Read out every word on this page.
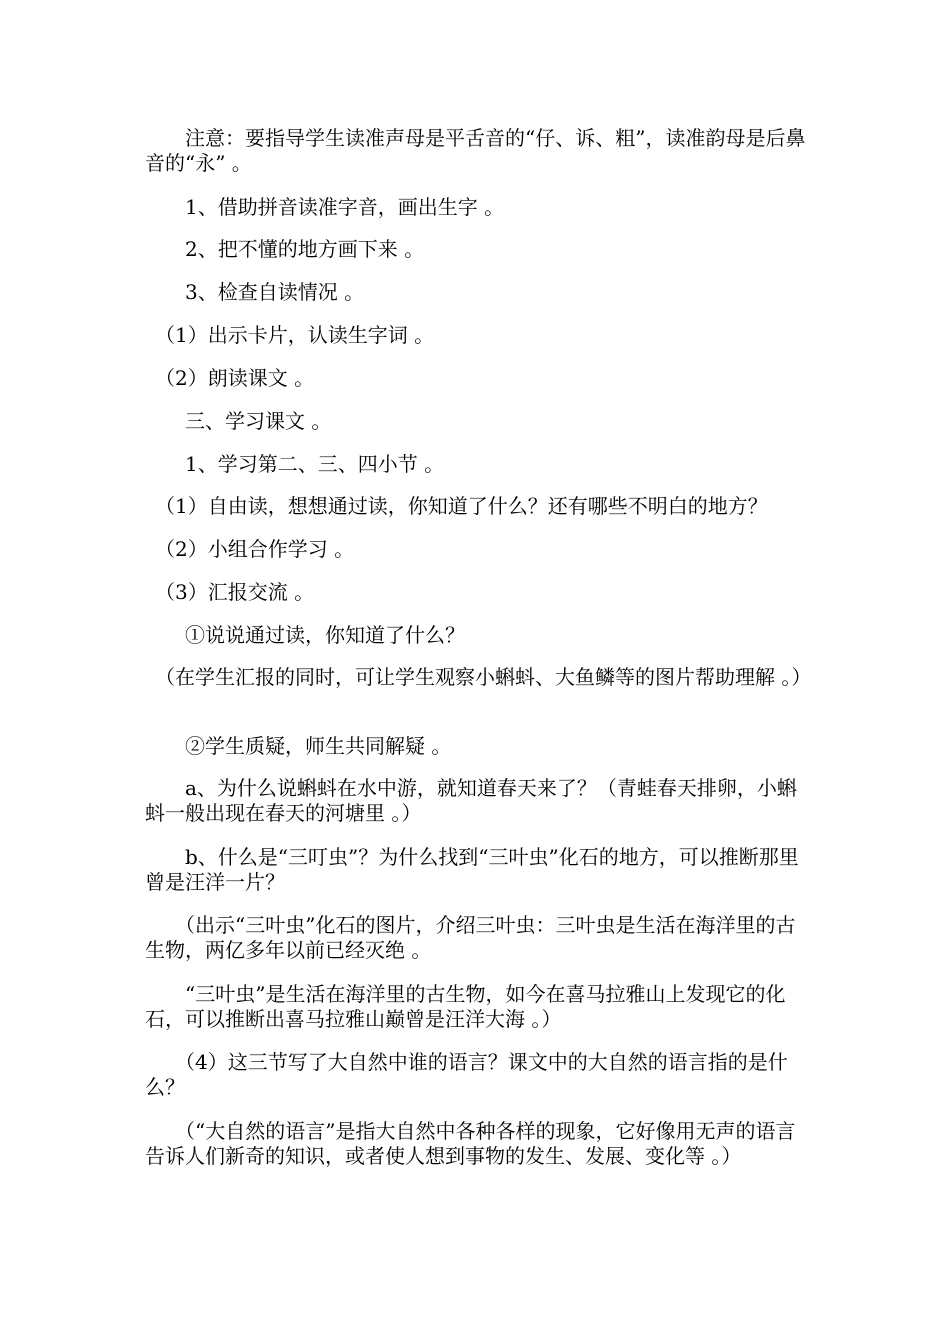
　　注意：要指导学生读准声母是平舌音的“仔、诉、粗”，读准韵母是后鼻音的“永” 。

　　1、借助拼音读准字音，画出生字 。

　　2、把不懂的地方画下来 。

　　3、检查自读情况 。

　（1）出示卡片，认读生字词 。

　（2）朗读课文 。

　　三、学习课文 。

　　1、学习第二、三、四小节 。

　（1）自由读，想想通过读，你知道了什么？还有哪些不明白的地方？

　（2）小组合作学习 。

　（3）汇报交流 。

　　①说说通过读，你知道了什么？

　（在学生汇报的同时，可让学生观察小蝌蚪、大鱼鳞等的图片帮助理解 。）

　　②学生质疑，师生共同解疑 。

　　a、为什么说蝌蚪在水中游，就知道春天来了？（青蛙春天排卵，小蝌蚪一般出现在春天的河塘里 。）

　　b、什么是“三叮虫”？为什么找到“三叶虫”化石的地方，可以推断那里曾是汪洋一片？

　　（出示“三叶虫”化石的图片，介绍三叶虫：三叶虫是生活在海洋里的古生物，两亿多年以前已经灭绝 。

　　“三叶虫”是生活在海洋里的古生物，如今在喜马拉雅山上发现它的化石，可以推断出喜马拉雅山巅曾是汪洋大海 。）

　　（4）这三节写了大自然中谁的语言？课文中的大自然的语言指的是什么？

　　（“大自然的语言”是指大自然中各种各样的现象，它好像用无声的语言告诉人们新奇的知识，或者使人想到事物的发生、发展、变化等 。）
